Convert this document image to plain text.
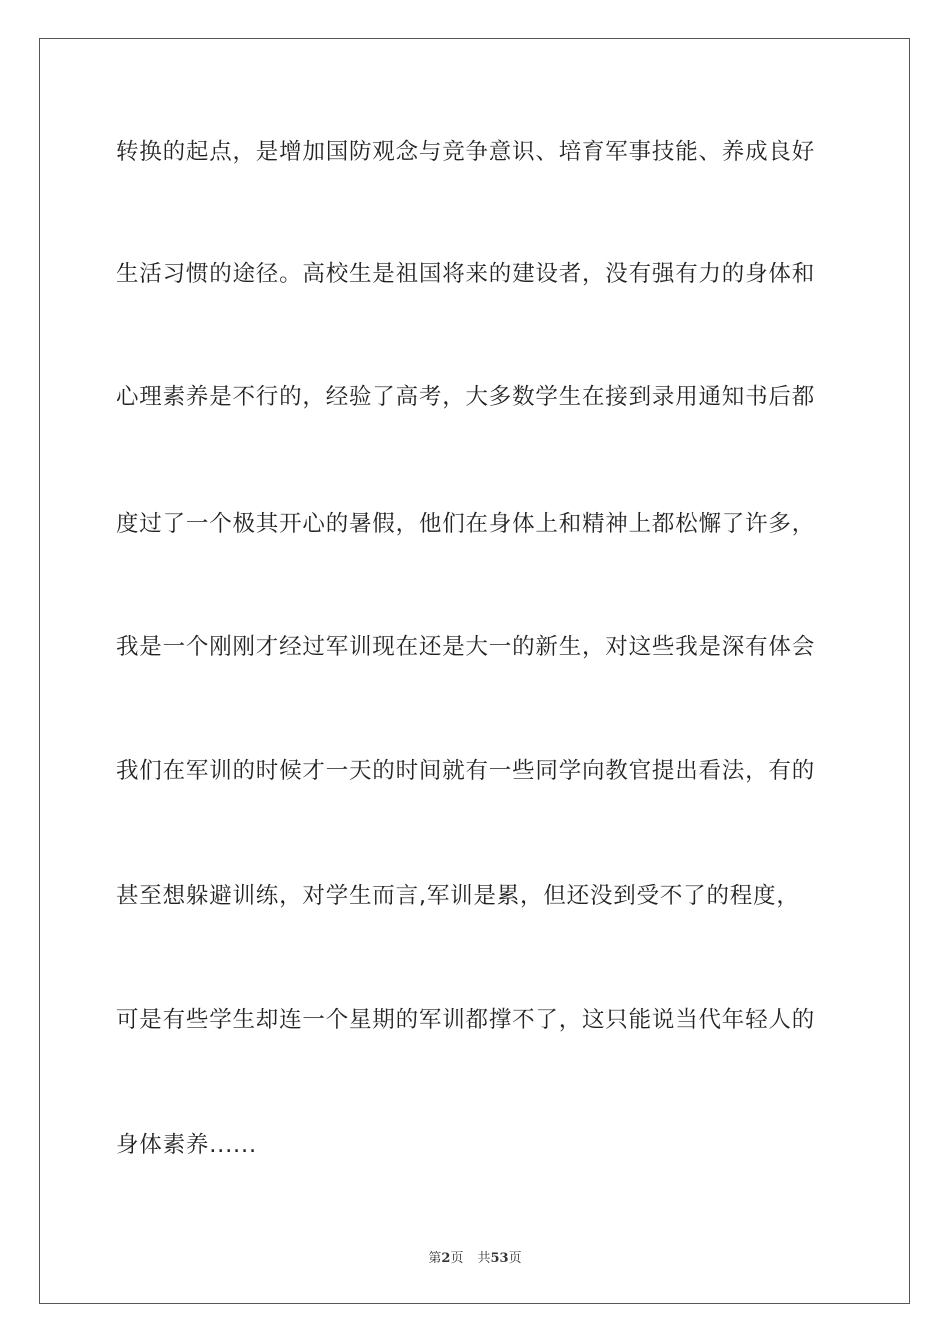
转换的起点，是增加国防观念与竞争意识、培育军事技能、养成良好
生活习惯的途径。高校生是祖国将来的建设者，没有强有力的身体和
心理素养是不行的，经验了高考，大多数学生在接到录用通知书后都
度过了一个极其开心的暑假，他们在身体上和精神上都松懈了许多，
我是一个刚刚才经过军训现在还是大一的新生，对这些我是深有体会
我们在军训的时候才一天的时间就有一些同学向教官提出看法，有的
甚至想躲避训练，对学生而言,军训是累，但还没到受不了的程度，
可是有些学生却连一个星期的军训都撑不了，这只能说当代年轻人的
身体素养......
第2页 共53页
